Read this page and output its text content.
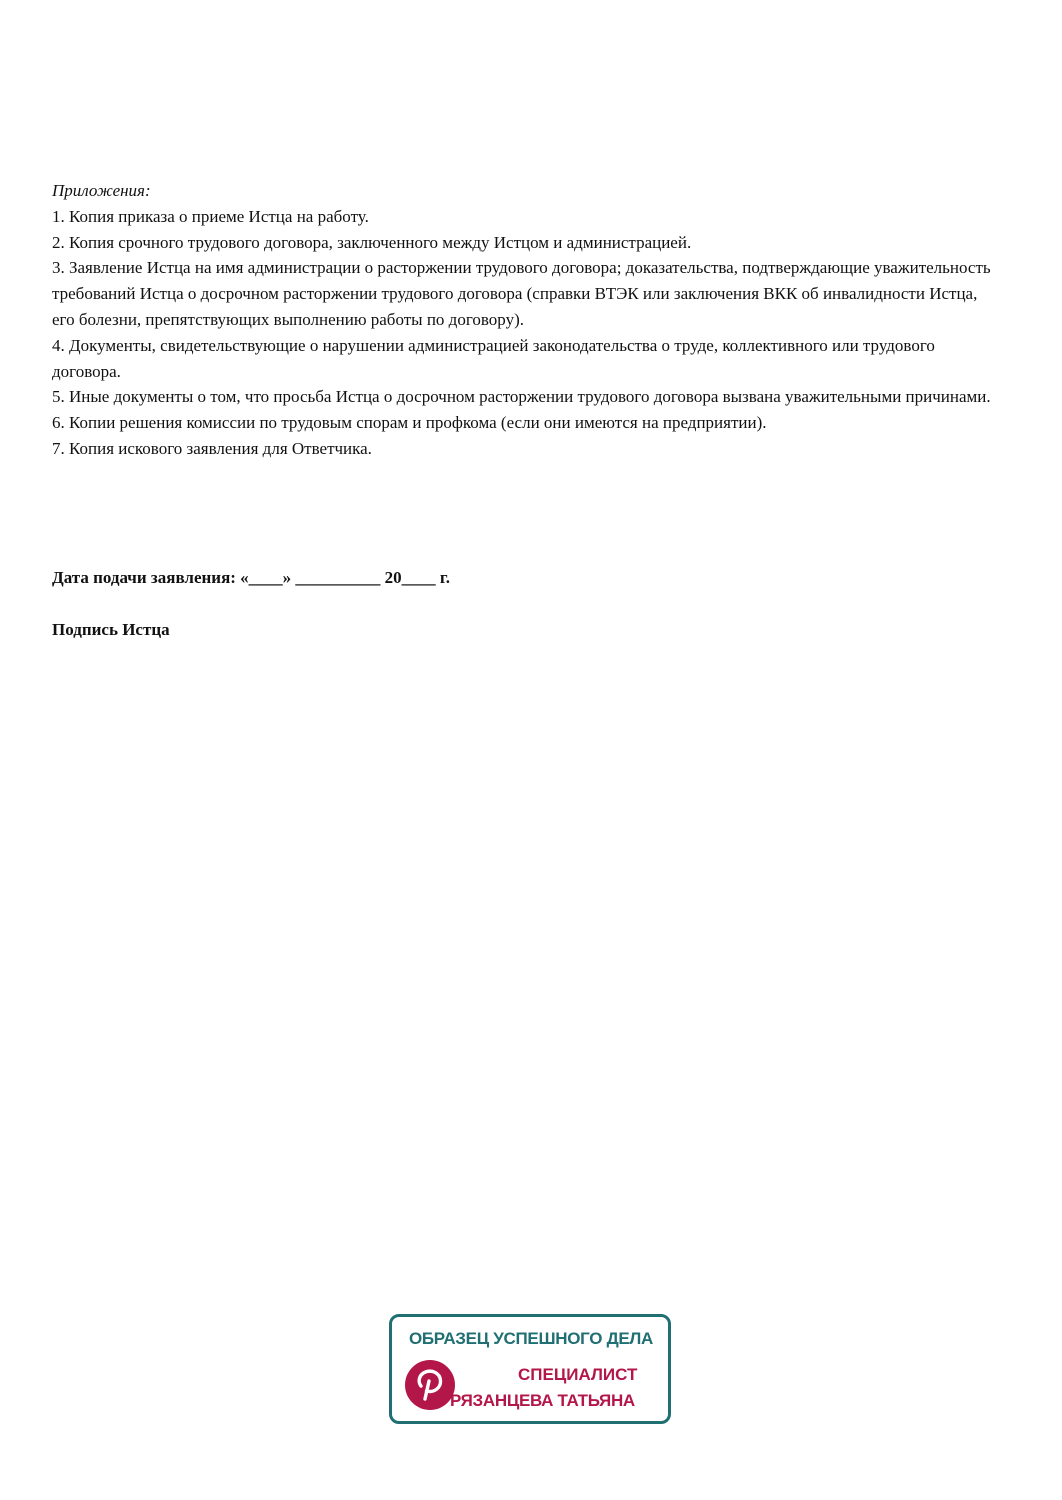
Приложения:

1. Копия приказа о приеме Истца на работу.

2. Копия срочного трудового договора, заключенного между Истцом и администрацией.

3. Заявление Истца на имя администрации о расторжении трудового договора; доказательства, подтверждающие уважительность требований Истца о досрочном расторжении трудового договора (справки ВТЭК или заключения ВКК об инвалидности Истца, его болезни, препятствующих выполнению работы по договору).

4. Документы, свидетельствующие о нарушении администрацией законодательства о труде, коллективного или трудового договора.

5. Иные документы о том, что просьба Истца о досрочном расторжении трудового договора вызвана уважительными причинами.

6. Копии решения комиссии по трудовым спорам и профкома (если они имеются на предприятии).

7. Копия искового заявления для Ответчика.

Дата подачи заявления: «____» __________ 20____ г.

Подпись Истца

ОБРАЗЕЦ УСПЕШНОГО ДЕЛА
СПЕЦИАЛИСТ
РЯЗАНЦЕВА ТАТЬЯНА
